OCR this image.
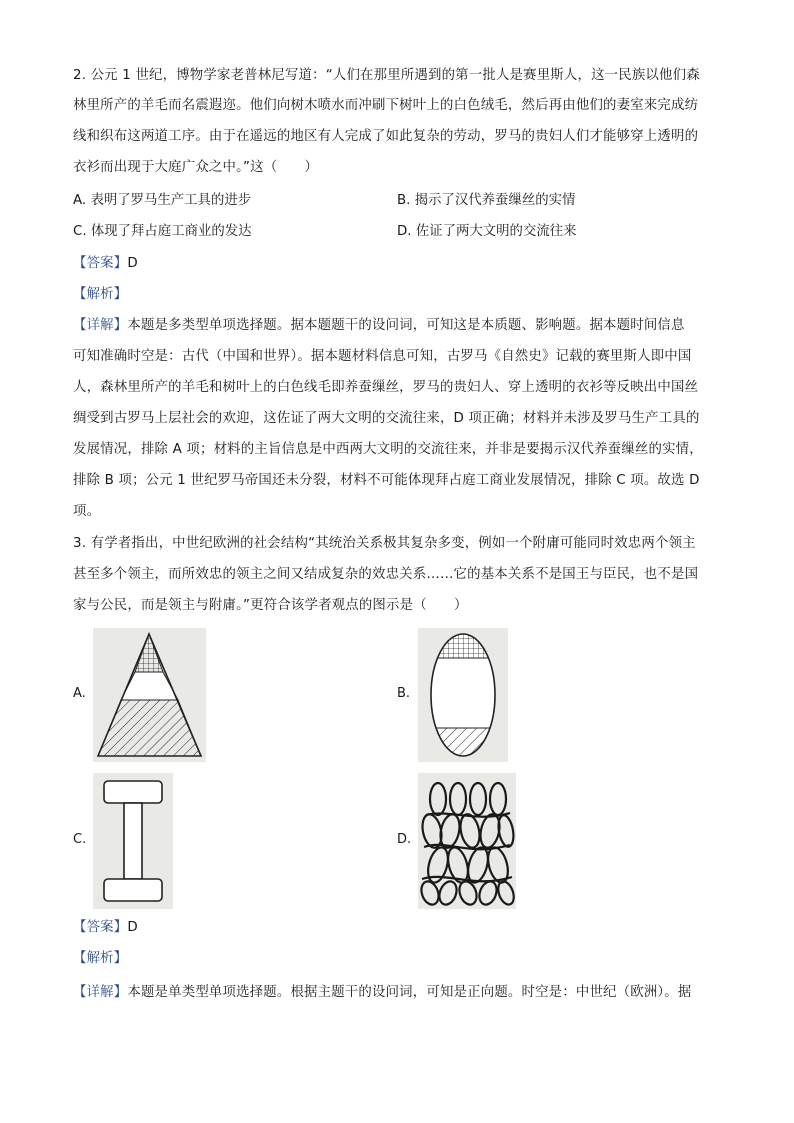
2. 公元 1 世纪，博物学家老普林尼写道：“人们在那里所遇到的第一批人是赛里斯人，这一民族以他们森
林里所产的羊毛而名震遐迩。他们向树木喷水而冲刷下树叶上的白色绒毛，然后再由他们的妻室来完成纺
线和织布这两道工序。由于在遥远的地区有人完成了如此复杂的劳动，罗马的贵妇人们才能够穿上透明的
衣衫而出现于大庭广众之中。”这（　　）
A. 表明了罗马生产工具的进步	B. 揭示了汉代养蚕缫丝的实情
C. 体现了拜占庭工商业的发达	D. 佐证了两大文明的交流往来
【答案】D
【解析】
【详解】本题是多类型单项选择题。据本题题干的设问词，可知这是本质题、影响题。据本题时间信息
可知准确时空是：古代（中国和世界）。据本题材料信息可知，古罗马《自然史》记载的赛里斯人即中国
人，森林里所产的羊毛和树叶上的白色线毛即养蚕缫丝，罗马的贵妇人、穿上透明的衣衫等反映出中国丝
绸受到古罗马上层社会的欢迎，这佐证了两大文明的交流往来，D 项正确；材料并未涉及罗马生产工具的
发展情况，排除 A 项；材料的主旨信息是中西两大文明的交流往来，并非是要揭示汉代养蚕缫丝的实情，
排除 B 项；公元 1 世纪罗马帝国还未分裂，材料不可能体现拜占庭工商业发展情况，排除 C 项。故选 D
项。
3. 有学者指出，中世纪欧洲的社会结构“其统治关系极其复杂多变，例如一个附庸可能同时效忠两个领主
甚至多个领主，而所效忠的领主之间又结成复杂的效忠关系……它的基本关系不是国王与臣民，也不是国
家与公民，而是领主与附庸。”更符合该学者观点的图示是（　　）
A.	B.
C.	D.
【答案】D
【解析】
【详解】本题是单类型单项选择题。根据主题干的设问词，可知是正向题。时空是：中世纪（欧洲）。据
